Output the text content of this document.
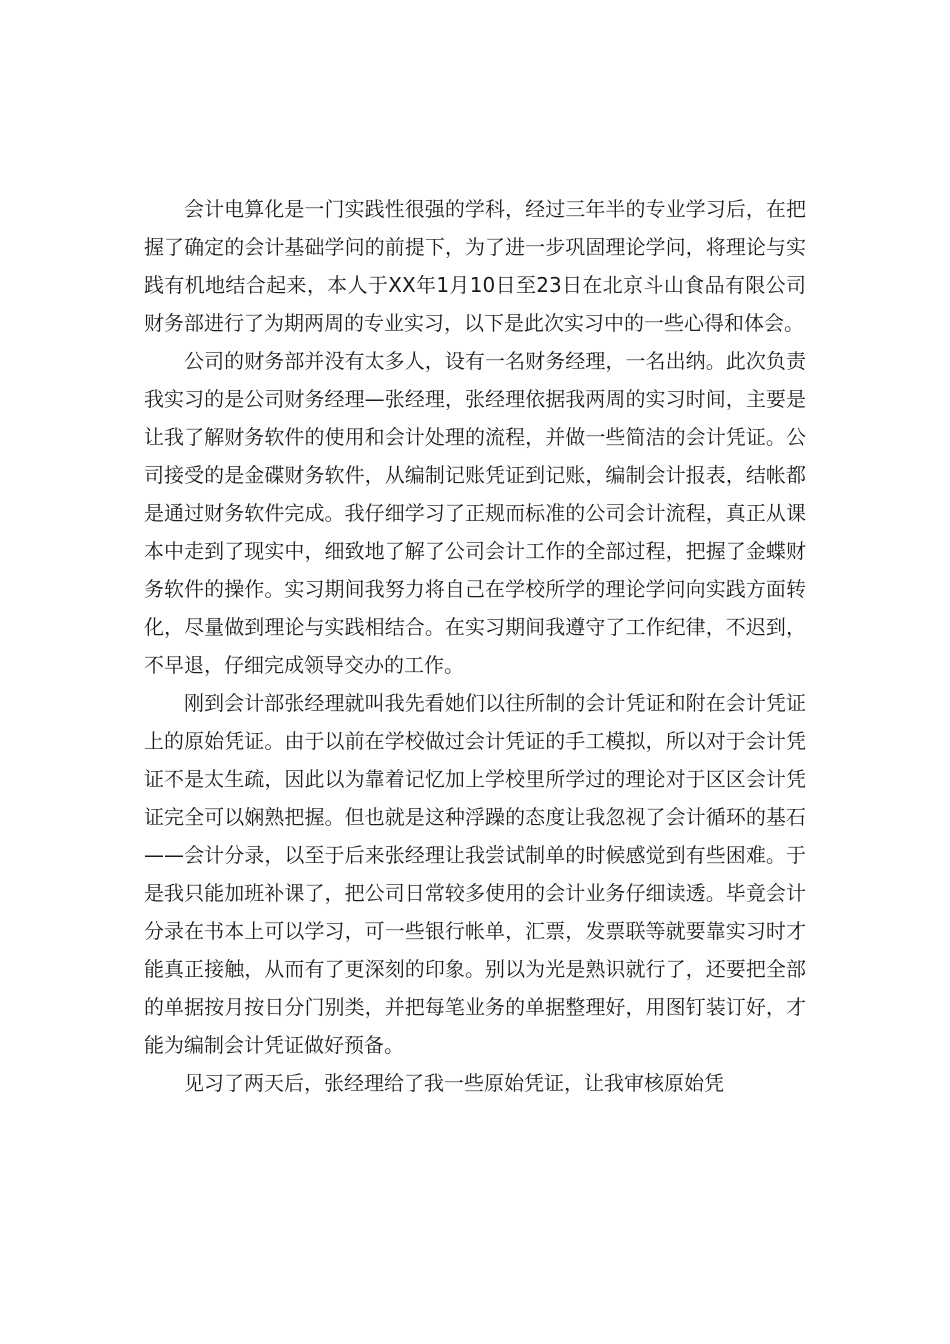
会计电算化是一门实践性很强的学科，经过三年半的专业学习后，在把握了确定的会计基础学问的前提下，为了进一步巩固理论学问，将理论与实践有机地结合起来，本人于XX年1月10日至23日在北京斗山食品有限公司财务部进行了为期两周的专业实习，以下是此次实习中的一些心得和体会。

公司的财务部并没有太多人，设有一名财务经理，一名出纳。此次负责我实习的是公司财务经理—张经理，张经理依据我两周的实习时间，主要是让我了解财务软件的使用和会计处理的流程，并做一些简洁的会计凭证。公司接受的是金碟财务软件，从编制记账凭证到记账，编制会计报表，结帐都是通过财务软件完成。我仔细学习了正规而标准的公司会计流程，真正从课本中走到了现实中，细致地了解了公司会计工作的全部过程，把握了金蝶财务软件的操作。实习期间我努力将自己在学校所学的理论学问向实践方面转化，尽量做到理论与实践相结合。在实习期间我遵守了工作纪律，不迟到，不早退，仔细完成领导交办的工作。

刚到会计部张经理就叫我先看她们以往所制的会计凭证和附在会计凭证上的原始凭证。由于以前在学校做过会计凭证的手工模拟，所以对于会计凭证不是太生疏，因此以为靠着记忆加上学校里所学过的理论对于区区会计凭证完全可以娴熟把握。但也就是这种浮躁的态度让我忽视了会计循环的基石——会计分录，以至于后来张经理让我尝试制单的时候感觉到有些困难。于是我只能加班补课了，把公司日常较多使用的会计业务仔细读透。毕竟会计分录在书本上可以学习，可一些银行帐单，汇票，发票联等就要靠实习时才能真正接触，从而有了更深刻的印象。别以为光是熟识就行了，还要把全部的单据按月按日分门别类，并把每笔业务的单据整理好，用图钉装订好，才能为编制会计凭证做好预备。

见习了两天后，张经理给了我一些原始凭证，让我审核原始凭
